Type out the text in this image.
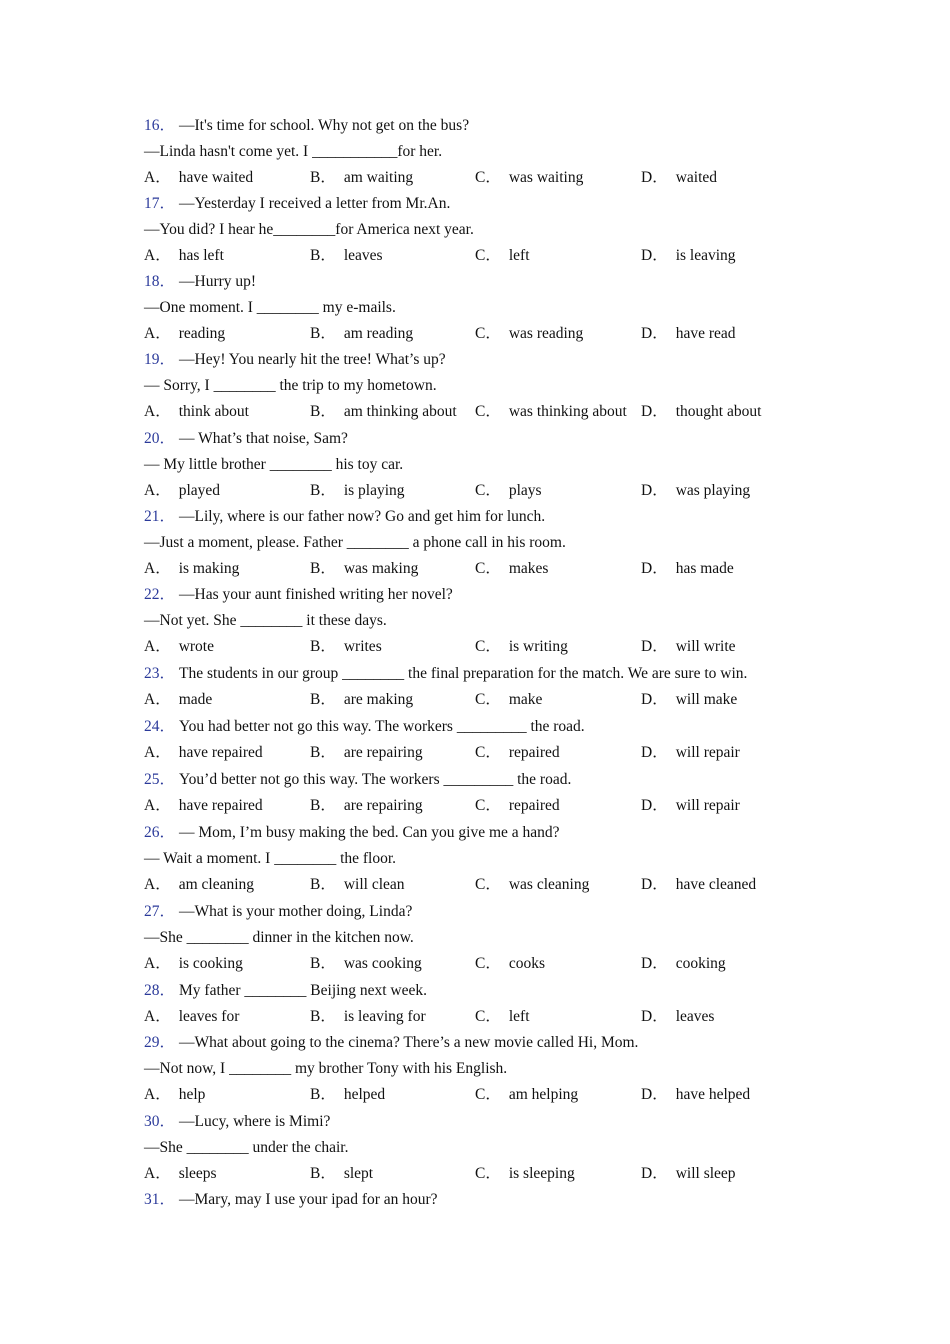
16． —It's time for school. Why not get on the bus?
—Linda hasn't come yet. I ___________for her.
A． have waited	B． am waiting	C． was waiting	D． waited
17． —Yesterday I received a letter from Mr.An.
—You did? I hear he________for America next year.
A． has left	B． leaves	C． left	D． is leaving
18． —Hurry up!
—One moment. I ________ my e-mails.
A． reading	B． am reading	C． was reading	D． have read
19． —Hey! You nearly hit the tree! What’s up?
— Sorry, I ________ the trip to my hometown.
A． think about	B． am thinking about C． was thinking about D． thought about
20． — What’s that noise, Sam?
— My little brother ________ his toy car.
A． played	B． is playing	C． plays	D． was playing
21． —Lily, where is our father now? Go and get him for lunch.
—Just a moment, please. Father ________ a phone call in his room.
A． is making	B． was making	C． makes	D． has made
22． —Has your aunt finished writing her novel?
—Not yet. She ________ it these days.
A． wrote	B． writes	C． is writing	D． will write
23． The students in our group ________ the final preparation for the match. We are sure to win.
A． made	B． are making	C． make	D． will make
24． You had better not go this way. The workers _________ the road.
A． have repaired	B． are repairing	C． repaired	D． will repair
25． You’d better not go this way. The workers _________ the road.
A． have repaired	B． are repairing	C． repaired	D． will repair
26． — Mom, I’m busy making the bed. Can you give me a hand?
— Wait a moment. I ________ the floor.
A． am cleaning	B． will clean	C． was cleaning	D． have cleaned
27． —What is your mother doing, Linda?
—She ________ dinner in the kitchen now.
A． is cooking	B． was cooking	C． cooks	D． cooking
28． My father ________ Beijing next week.
A． leaves for	B． is leaving for	C． left	D． leaves
29． —What about going to the cinema? There’s a new movie called Hi, Mom.
—Not now, I ________ my brother Tony with his English.
A． help	B． helped	C． am helping	D． have helped
30． —Lucy, where is Mimi?
—She ________ under the chair.
A． sleeps	B． slept	C． is sleeping	D． will sleep
31． —Mary, may I use your ipad for an hour?
